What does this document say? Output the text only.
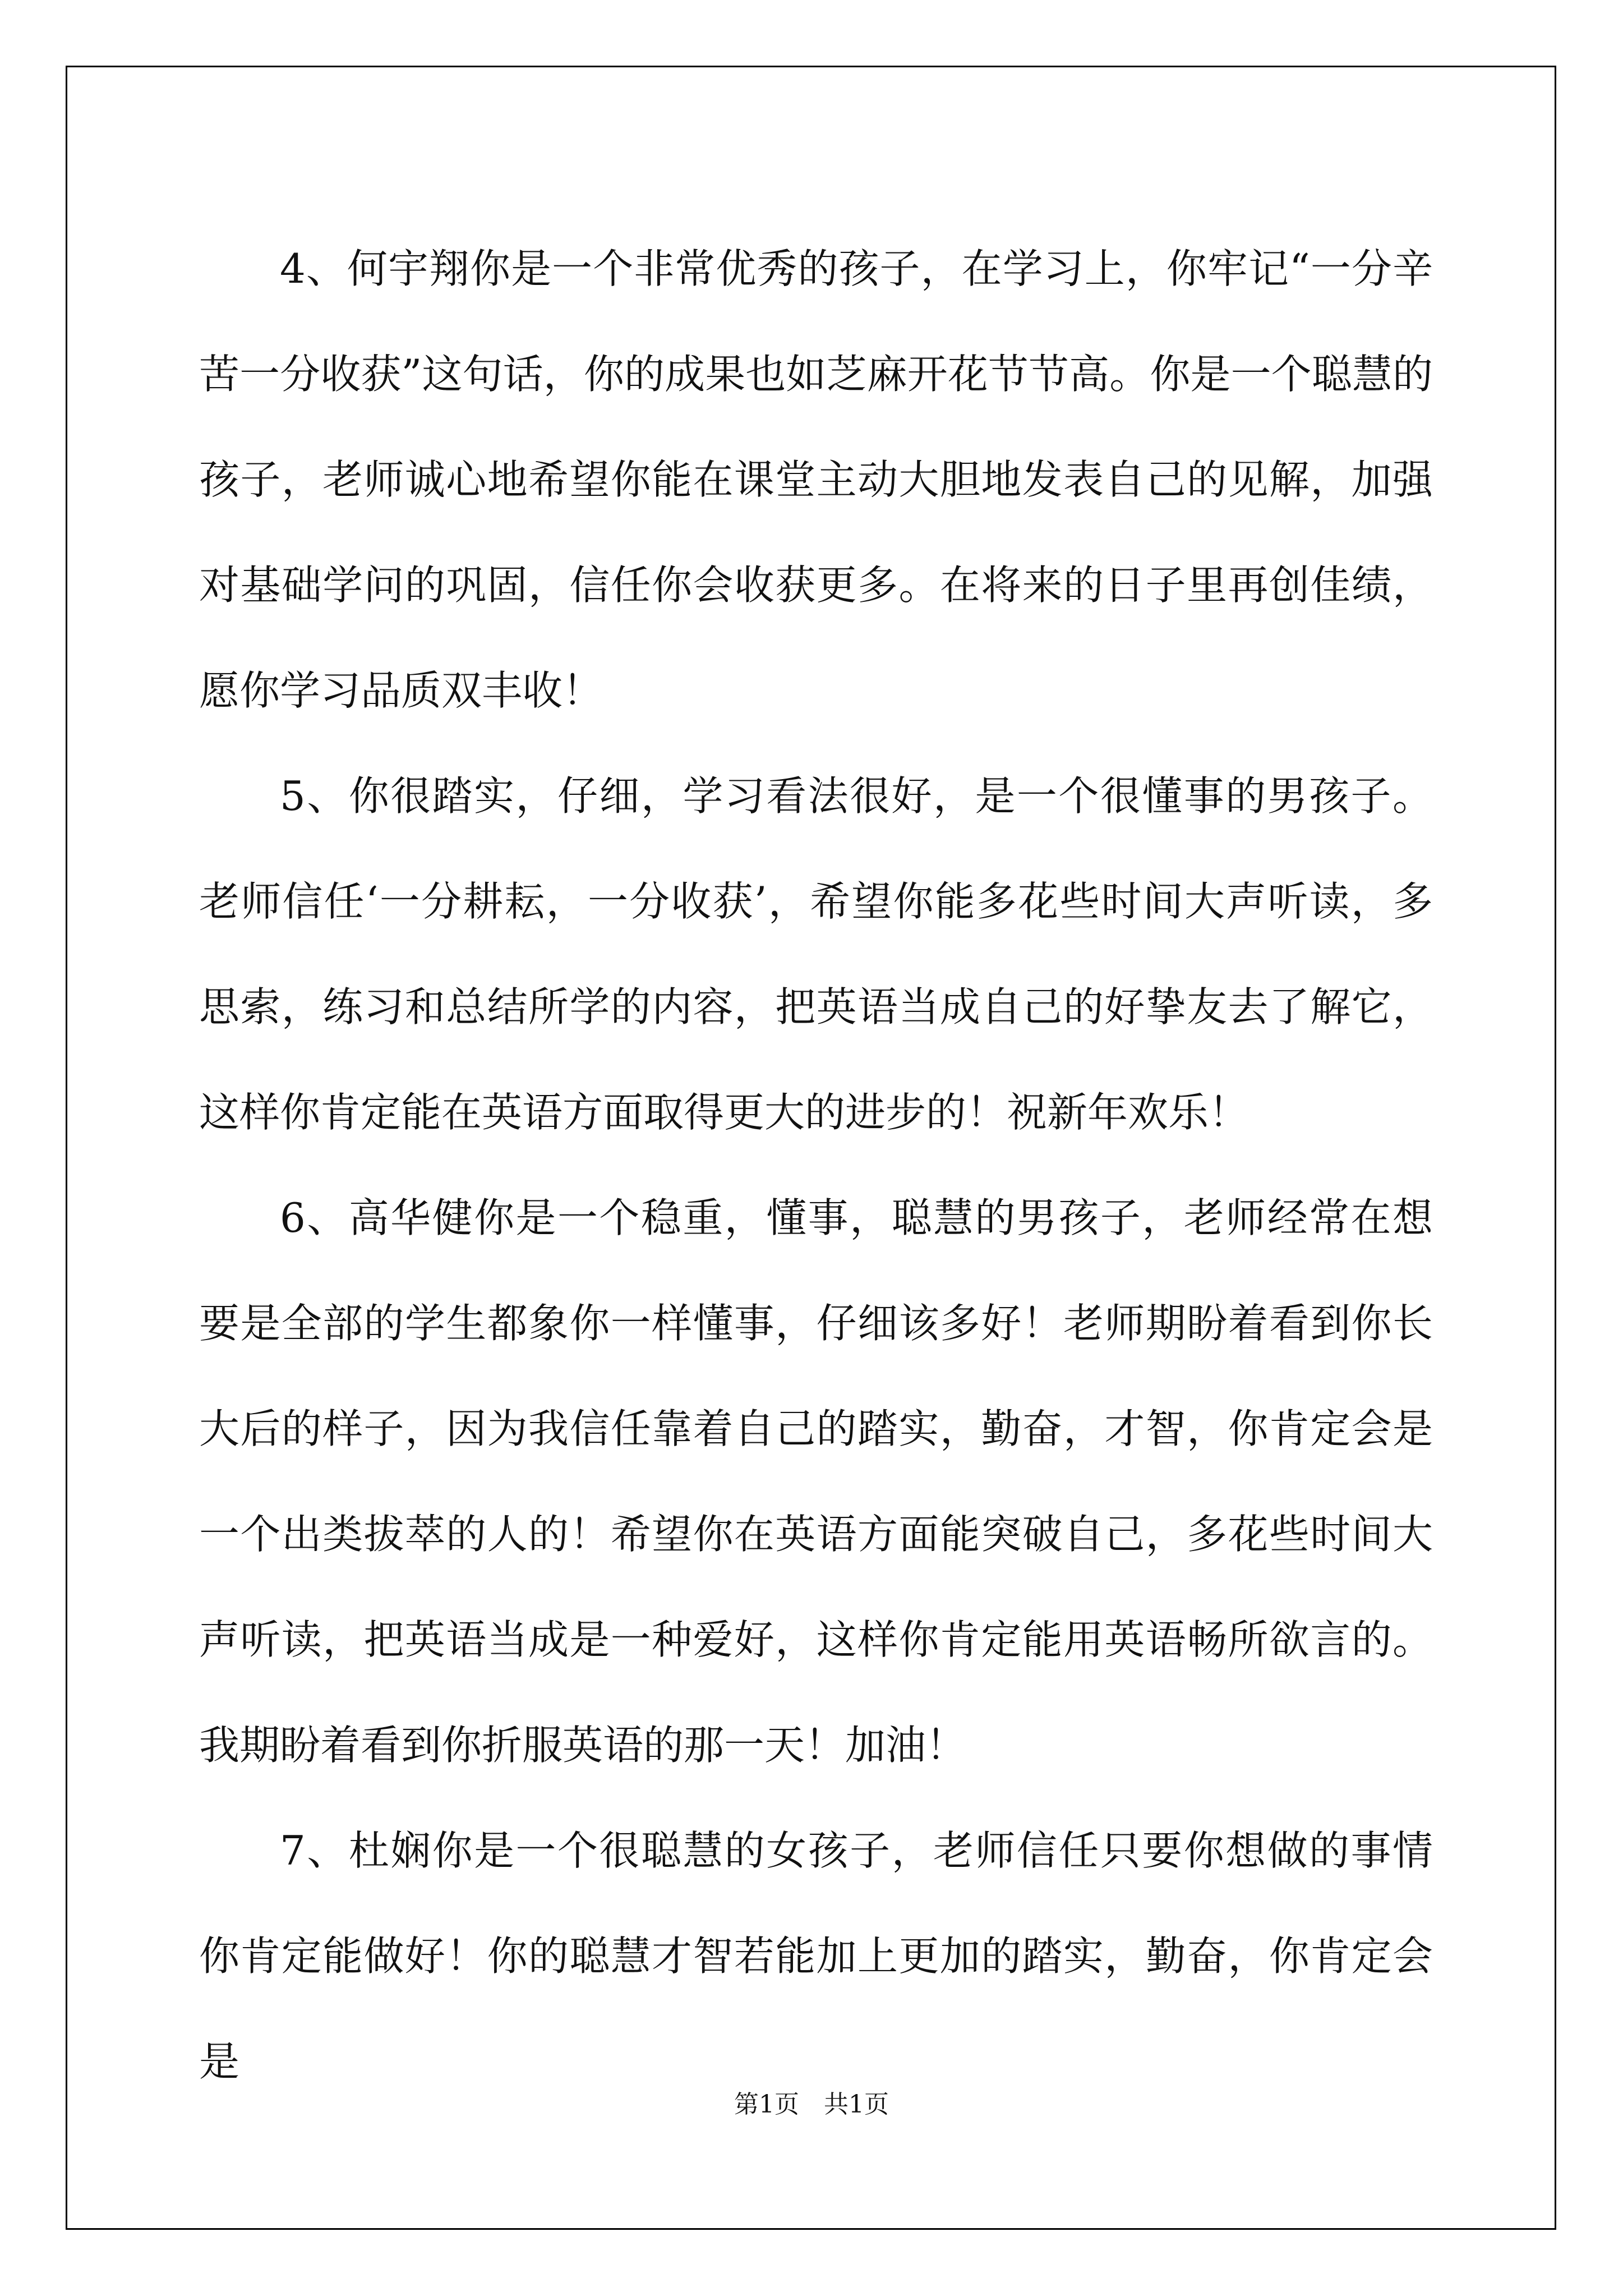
4、何宇翔你是一个非常优秀的孩子，在学习上，你牢记“一分辛苦一分收获”这句话，你的成果也如芝麻开花节节高。你是一个聪慧的孩子，老师诚心地希望你能在课堂主动大胆地发表自己的见解，加强对基础学问的巩固，信任你会收获更多。在将来的日子里再创佳绩，愿你学习品质双丰收！

5、你很踏实，仔细，学习看法很好，是一个很懂事的男孩子。老师信任‘一分耕耘，一分收获’，希望你能多花些时间大声听读，多思索，练习和总结所学的内容，把英语当成自己的好挚友去了解它，这样你肯定能在英语方面取得更大的进步的！祝新年欢乐！

6、高华健你是一个稳重，懂事，聪慧的男孩子，老师经常在想要是全部的学生都象你一样懂事，仔细该多好！老师期盼着看到你长大后的样子，因为我信任靠着自己的踏实，勤奋，才智，你肯定会是一个出类拔萃的人的！希望你在英语方面能突破自己，多花些时间大声听读，把英语当成是一种爱好，这样你肯定能用英语畅所欲言的。我期盼着看到你折服英语的那一天！加油！

7、杜娴你是一个很聪慧的女孩子，老师信任只要你想做的事情你肯定能做好！你的聪慧才智若能加上更加的踏实，勤奋，你肯定会是

第1页　共1页
